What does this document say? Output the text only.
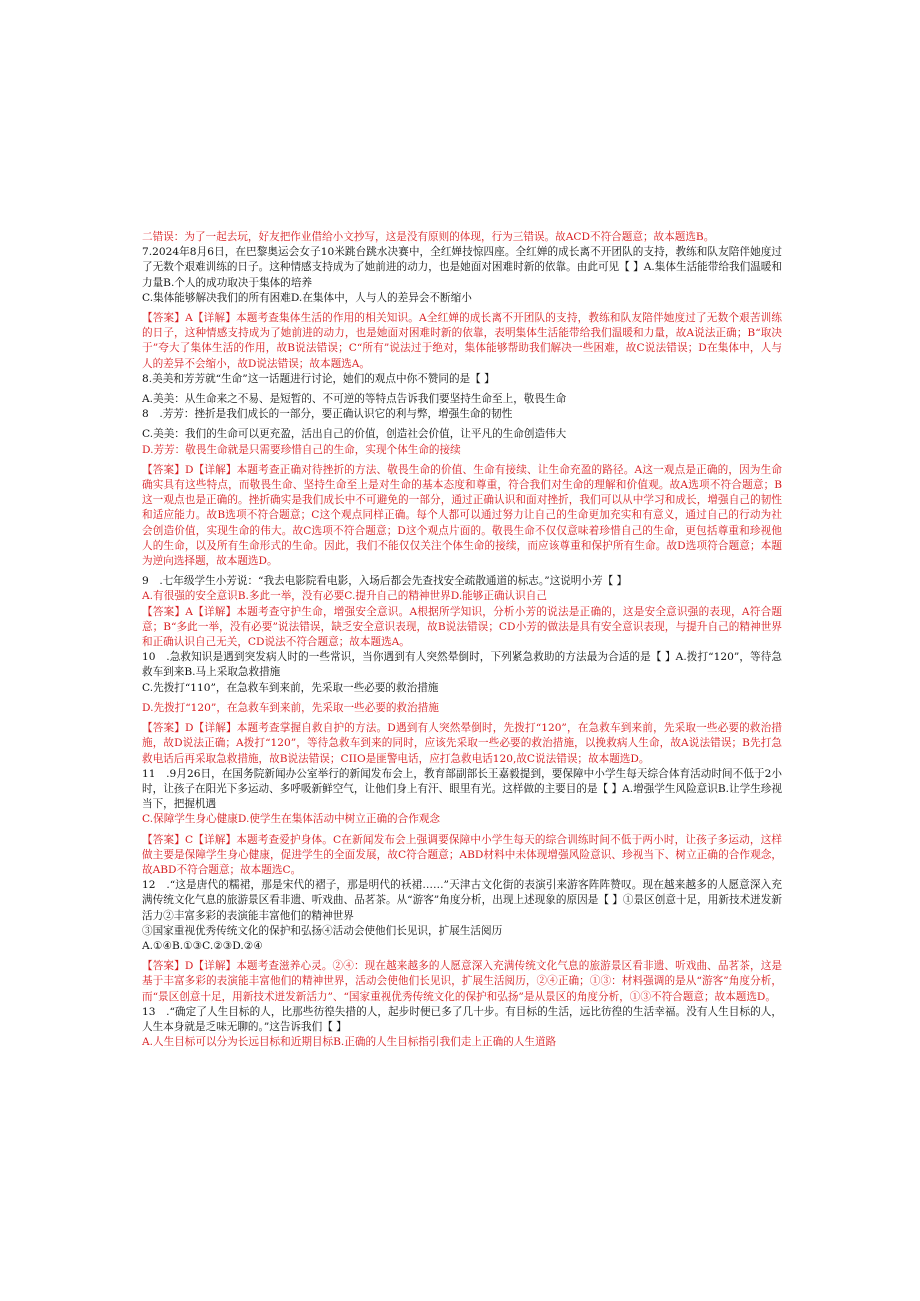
二错误：为了一起去玩，好友把作业借给小文抄写，这是没有原则的体现，行为三错误。故ACD不符合题意；故本题选B。

7.2024年8月6日，在巴黎奥运会女子10米跳台跳水决赛中，全红婵技惊四座。全红婵的成长离不开团队的支持，教练和队友陪伴她度过了无数个艰难训练的日子。这种情感支持成为了她前进的动力，也是她面对困难时新的依靠。由此可见【 】A.集体生活能带给我们温暖和力量B.个人的成功取决于集体的培养

C.集体能够解决我们的所有困难D.在集体中，人与人的差异会不断缩小

【答案】A【详解】本题考查集体生活的作用的相关知识。A全红婵的成长离不开团队的支持，教练和队友陪伴她度过了无数个艰苦训练的日子，这种情感支持成为了她前进的动力，也是她面对困难时新的依靠，表明集体生活能带给我们温暖和力量，故A说法正确；B“取决于”夸大了集体生活的作用，故B说法错误；C“所有”说法过于绝对，集体能够帮助我们解决一些困难，故C说法错误；D在集体中，人与人的差异不会缩小，故D说法错误；故本题选A。

8.美美和芳芳就“生命”这一话题进行讨论，她们的观点中你不赞同的是【 】

A.美美：从生命来之不易、是短暂的、不可逆的等特点告诉我们要坚持生命至上，敬畏生命

8　.芳芳：挫折是我们成长的一部分，要正确认识它的利与弊，增强生命的韧性

C.美美：我们的生命可以更充盈，活出自己的价值，创造社会价值，让平凡的生命创造伟大

D.芳芳：敬畏生命就是只需要珍惜自己的生命，实现个体生命的接续

【答案】D【详解】本题考查正确对待挫折的方法、敬畏生命的价值、生命有接续、让生命充盈的路径。A这一观点是正确的，因为生命确实具有这些特点，而敬畏生命、坚持生命至上是对生命的基本态度和尊重，符合我们对生命的理解和价值观。故A选项不符合题意；B这一观点也是正确的。挫折确实是我们成长中不可避免的一部分，通过正确认识和面对挫折，我们可以从中学习和成长，增强自己的韧性和适应能力。故B选项不符合题意；C这个观点同样正确。每个人都可以通过努力让自己的生命更加充实和有意义，通过自己的行动为社会创造价值，实现生命的伟大。故C选项不符合题意；D这个观点片面的。敬畏生命不仅仅意味着珍惜自己的生命，更包括尊重和珍视他人的生命，以及所有生命形式的生命。因此，我们不能仅仅关注个体生命的接续，而应该尊重和保护所有生命。故D选项符合题意；本题为逆向选择题，故本题选D。

9　.七年级学生小芳说：“我去电影院看电影，入场后都会先查找安全疏散通道的标志。”这说明小芳【 】

A.有很强的安全意识B.多此一举，没有必要C.提升自己的精神世界D.能够正确认识自己

【答案】A【详解】本题考查守护生命，增强安全意识。A根据所学知识，分析小芳的说法是正确的，这是安全意识强的表现，A符合题意；B“多此一举，没有必要”说法错误，缺乏安全意识表现，故B说法错误；CD小芳的做法是具有安全意识表现，与提升自己的精神世界和正确认识自己无关，CD说法不符合题意；故本题选A。

10　.急救知识是遇到突发病人时的一些常识，当你遇到有人突然晕倒时，下列紧急救助的方法最为合适的是【 】A.拨打“120”，等待急救车到来B.马上采取急救措施

C.先拨打“110”，在急救车到来前，先采取一些必要的救治措施

D.先拨打“120”，在急救车到来前，先采取一些必要的救治措施

【答案】D【详解】本题考查掌握自救自护的方法。D遇到有人突然晕倒时，先拨打“120”，在急救车到来前，先采取一些必要的救治措施，故D说法正确；A拨打“120”，等待急救车到来的同时，应该先采取一些必要的救治措施，以挽救病人生命，故A说法错误；B先打急救电话后再采取急救措施，故B说法错误；CIIO是匪警电话，应打急救电话120,故C说法错误；故本题选D。

11　.9月26日，在国务院新闻办公室举行的新闻发布会上，教育部副部长王嘉毅提到，要保障中小学生每天综合体育活动时间不低于2小时，让孩子在阳光下多运动、多呼吸新鲜空气，让他们身上有汗、眼里有光。这样做的主要目的是【 】A.增强学生风险意识B.让学生珍视当下，把握机遇

C.保障学生身心健康D.使学生在集体活动中树立正确的合作观念

【答案】C【详解】本题考查爱护身体。C在新闻发布会上强调要保障中小学生每天的综合训练时间不低于两小时，让孩子多运动，这样做主要是保障学生身心健康，促进学生的全面发展，故C符合题意；ABD材料中未体现增强风险意识、珍视当下、树立正确的合作观念，故ABD不符合题意；故本题选C。

12　.“这是唐代的糯裙，那是宋代的褶子，那是明代的袄裙……”天津古文化街的表演引来游客阵阵赞叹。现在越来越多的人愿意深入充满传统文化气息的旅游景区看非遗、听戏曲、品茗茶。从“游客”角度分析，出现上述现象的原因是【 】①景区创意十足，用新技术迸发新活力②丰富多彩的表演能丰富他们的精神世界

③国家重视优秀传统文化的保护和弘扬④活动会使他们长见识，扩展生活阅历

A.①④B.①③C.②③D.②④

【答案】D【详解】本题考查滋养心灵。②④：现在越来越多的人愿意深入充满传统文化气息的旅游景区看非遗、听戏曲、品茗茶，这是基于丰富多彩的表演能丰富他们的精神世界，活动会使他们长见识，扩展生活阅历，②④正确；①③：材料强调的是从“游客”角度分析，而“景区创意十足，用新技术迸发新活力”、“国家重视优秀传统文化的保护和弘扬”是从景区的角度分析，①③不符合题意；故本题选D。

13　.“确定了人生目标的人，比那些彷徨失措的人，起步时便已多了几十步。有目标的生活，远比彷徨的生活幸福。没有人生目标的人，人生本身就是乏味无聊的。”这告诉我们【 】

A.人生目标可以分为长远目标和近期目标B.正确的人生目标指引我们走上正确的人生道路
